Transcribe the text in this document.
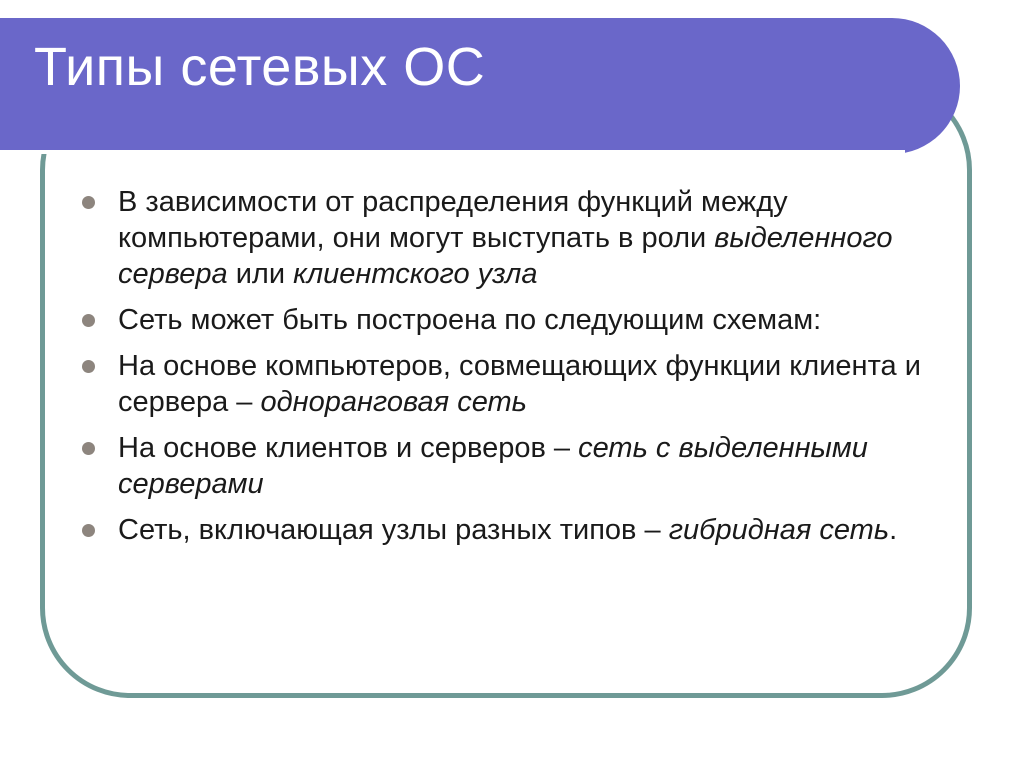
Типы сетевых ОС
В зависимости от распределения функций между компьютерами, они могут выступать в роли выделенного сервера или клиентского узла
Сеть может быть построена по следующим схемам:
На основе компьютеров, совмещающих функции клиента и сервера – одноранговая сеть
На основе клиентов и серверов – сеть с выделенными серверами
Сеть, включающая узлы разных типов – гибридная сеть.
